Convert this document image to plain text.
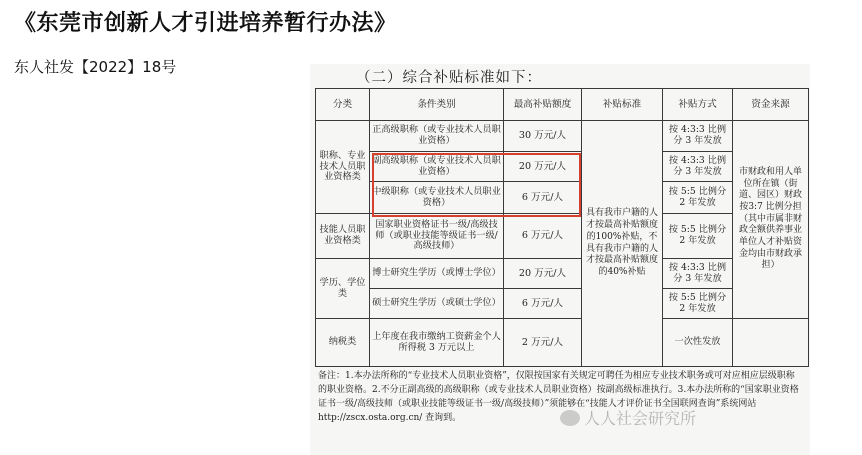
《东莞市创新人才引进培养暂行办法》
东人社发【2022】18号
（二）综合补贴标准如下：
分类	条件类别	最高补贴额度	补贴标准	补贴方式	资金来源
职称、专业技术人员职业资格类	正高级职称（或专业技术人员职业资格）	30 万元/人	具有我市户籍的人才按最高补贴额度的100%补贴，不具有我市户籍的人才按最高补贴额度的40%补贴	按 4:3:3 比例分 3 年发放	市财政和用人单位所在镇（街道、园区）财政按3:7 比例分担（其中市属非财政全额供养事业单位人才补贴资金均由市财政承担）
	副高级职称（或专业技术人员职业资格）	20 万元/人		按 4:3:3 比例分 3 年发放	
	中级职称（或专业技术人员职业资格）	6 万元/人		按 5:5 比例分 2 年发放	
技能人员职业资格类	国家职业资格证书一级/高级技师（或职业技能等级证书一级/高级技师）	6 万元/人		按 5:5 比例分 2 年发放	
学历、学位类	博士研究生学历（或博士学位）	20 万元/人		按 4:3:3 比例分 3 年发放	
	硕士研究生学历（或硕士学位）	6 万元/人		按 5:5 比例分 2 年发放	
纳税类	上年度在我市缴纳工资薪金个人所得税 3 万元以上	2 万元/人		一次性发放	
备注：1.本办法所称的“专业技术人员职业资格”，仅限按国家有关规定可聘任为相应专业技术职务或可对应相应层级职称的职业资格。2.不分正副高级的高级职称（或专业技术人员职业资格）按副高级标准执行。3.本办法所称的“国家职业资格证书一级/高级技师（或职业技能等级证书一级/高级技师）”须能够在“技能人才评价证书全国联网查询”系统网站 http://zscx.osta.org.cn/ 查询到。	人人社会研究所
